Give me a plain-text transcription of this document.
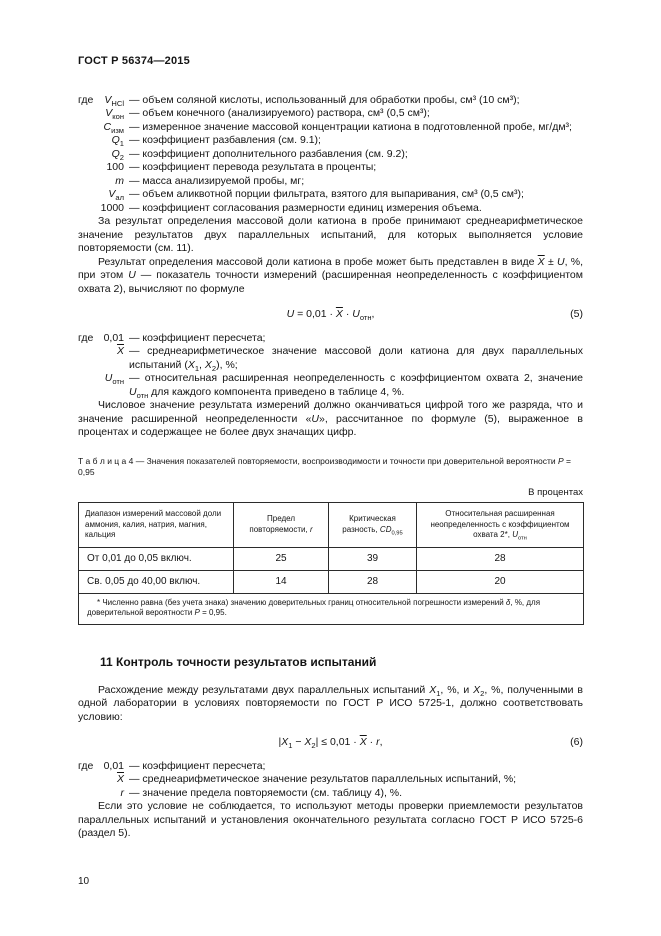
ГОСТ Р 56374—2015
где	$V_{HCl}$ — объем соляной кислоты, использованный для обработки пробы, см³ (10 см³);
$V_{кон}$ — объем конечного (анализируемого) раствора, см³ (0,5 см³);
$C_{изм}$ — измеренное значение массовой концентрации катиона в подготовленной пробе, мг/дм³;
$Q_1$ — коэффициент разбавления (см. 9.1);
$Q_2$ — коэффициент дополнительного разбавления (см. 9.2);
100 — коэффициент перевода результата в проценты;
m — масса анализируемой пробы, мг;
$V_{ал}$ — объем аликвотной порции фильтрата, взятого для выпаривания, см³ (0,5 см³);
1000 — коэффициент согласования размерности единиц измерения объема.

За результат определения массовой доли катиона в пробе принимают среднеарифметическое значение результатов двух параллельных испытаний, для которых выполняется условие повторяемости (см. 11).

Результат определения массовой доли катиона в пробе может быть представлен в виде $\overline{X} \pm U$, %, при этом U — показатель точности измерений (расширенная неопределенность с коэффициентом охвата 2), вычисляют по формуле

$U = 0,01 \cdot \overline{X} \cdot U_{отн}$,	(5)
где 0,01 — коэффициент пересчета;
$\overline{X}$ — среднеарифметическое значение массовой доли катиона для двух параллельных испытаний ($X_1$, $X_2$), %;
$U_{отн}$ — относительная расширенная неопределенность с коэффициентом охвата 2, значение $U_{отн}$ для каждого компонента приведено в таблице 4, %.

Числовое значение результата измерений должно оканчиваться цифрой того же разряда, что и значение расширенной неопределенности «U», рассчитанное по формуле (5), выраженное в процентах и содержащее не более двух значащих цифр.

Т а б л и ц а 4 — Значения показателей повторяемости, воспроизводимости и точности при доверительной вероятности P = 0,95
В процентах
Диапазон измерений массовой доли аммония, калия, натрия, магния, кальция	Предел повторяемости, r	Критическая разность, $CD_{0,95}$	Относительная расширенная неопределенность с коэффициентом охвата 2*, $U_{отн}$
От 0,01 до 0,05 включ.	25	39	28
Св. 0,05 до 40,00 включ.	14	28	20
* Численно равна (без учета знака) значению доверительных границ относительной погрешности измерений δ, %, для доверительной вероятности P = 0,95.			
11 Контроль точности результатов испытаний

Расхождение между результатами двух параллельных испытаний $X_1$, %, и $X_2$, %, полученными в одной лаборатории в условиях повторяемости по ГОСТ Р ИСО 5725-1, должно соответствовать условию:

$|X_1 - X_2| \le 0,01 \cdot \overline{X} \cdot r$,	(6)
где 0,01 — коэффициент пересчета;
$\overline{X}$ — среднеарифметическое значение результатов параллельных испытаний, %;
r — значение предела повторяемости (см. таблицу 4), %.

Если это условие не соблюдается, то используют методы проверки приемлемости результатов параллельных испытаний и установления окончательного результата согласно ГОСТ Р ИСО 5725-6 (раздел 5).

10
